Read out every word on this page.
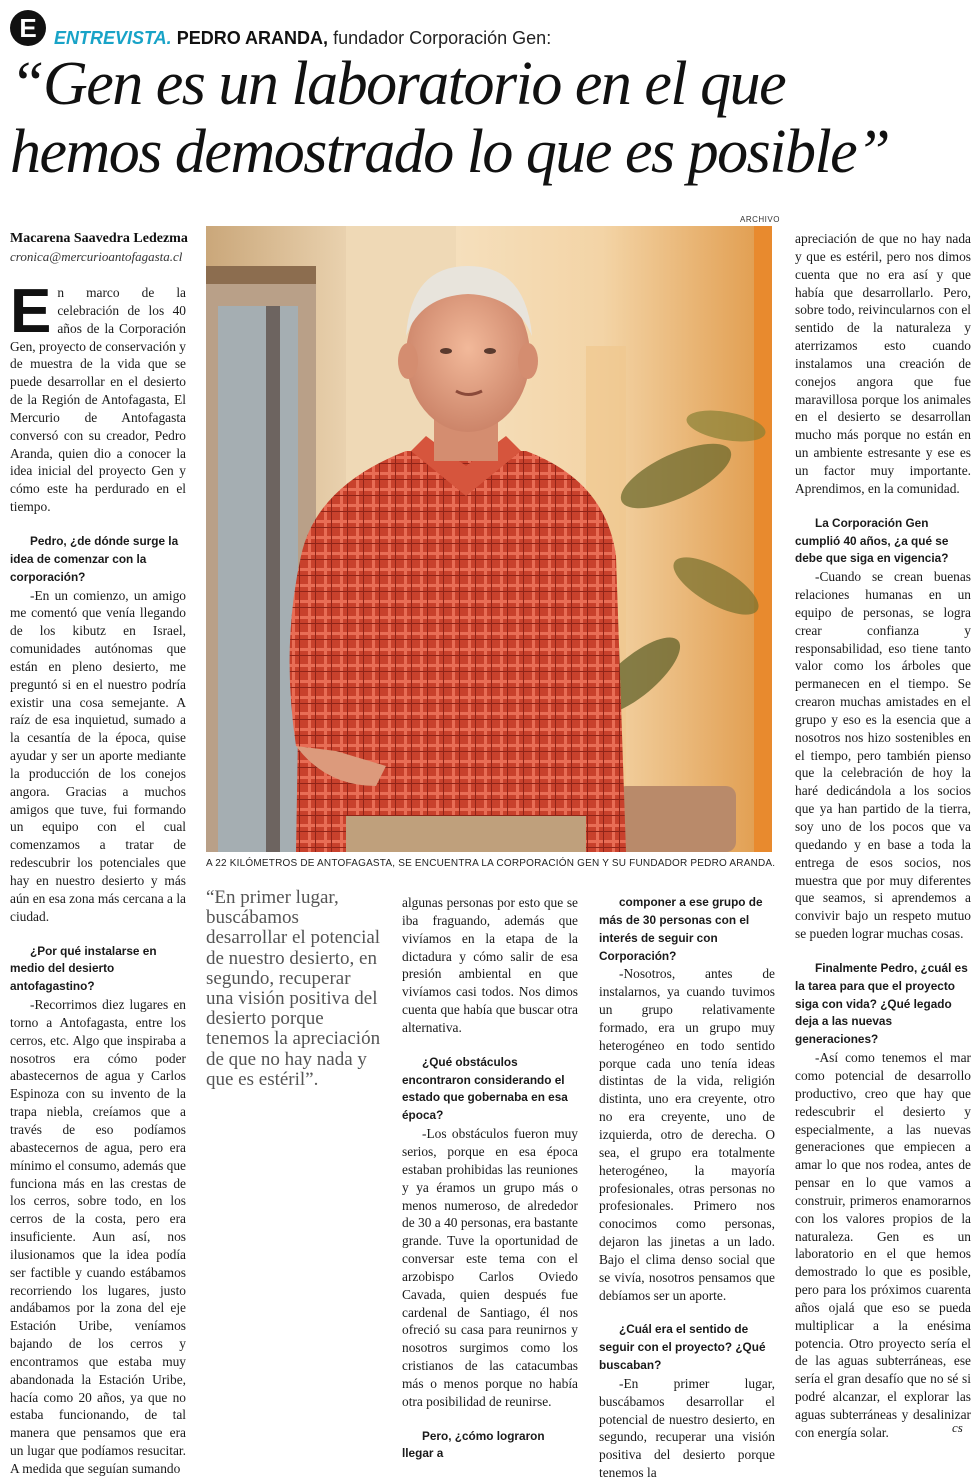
E ENTREVISTA. PEDRO ARANDA, fundador Corporación Gen:
“Gen es un laboratorio en el que
hemos demostrado lo que es posible”
Macarena Saavedra Ledezma
cronica@mercurioantofagasta.cl
ARCHIVO
A 22 KILÓMETROS DE ANTOFAGASTA, SE ENCUENTRA LA CORPORACIÓN GEN Y SU FUNDADOR PEDRO ARANDA.

En marco de la celebración de los 40 años de la Corporación Gen, proyecto de conservación y de muestra de la vida que se puede desarrollar en el desierto de la Región de Antofagasta, El Mercurio de Antofagasta conversó con su creador, Pedro Aranda, quien dio a conocer la idea inicial del proyecto Gen y cómo este ha perdurado en el tiempo.

Pedro, ¿de dónde surge la idea de comenzar con la corporación?

-En un comienzo, un amigo me comentó que venía llegando de los kibutz en Israel, comunidades autónomas que están en pleno desierto, me preguntó si en el nuestro podría existir una cosa semejante. A raíz de esa inquietud, sumado a la cesantía de la época, quise ayudar y ser un aporte mediante la producción de los conejos angora. Gracias a muchos amigos que tuve, fui formando un equipo con el cual comenzamos a tratar de redescubrir los potenciales que hay en nuestro desierto y más aún en esa zona más cercana a la ciudad.

¿Por qué instalarse en medio del desierto antofagastino?

-Recorrimos diez lugares en torno a Antofagasta, entre los cerros, etc. Algo que inspiraba a nosotros era cómo poder abastecernos de agua y Carlos Espinoza con su invento de la trapa niebla, creíamos que a través de eso podíamos abastecernos de agua, pero era mínimo el consumo, además que funciona más en las crestas de los cerros, sobre todo, en los cerros de la costa, pero era insuficiente. Aun así, nos ilusionamos que la idea podía ser factible y cuando estábamos recorriendo los lugares, justo andábamos por la zona del eje Estación Uribe, veníamos bajando de los cerros y encontramos que estaba muy abandonada la Estación Uribe, hacía como 20 años, ya que no estaba funcionando, de tal manera que pensamos que era un lugar que podíamos resucitar. A medida que seguían sumando

“En primer lugar, buscábamos desarrollar el potencial de nuestro desierto, en segundo, recuperar una visión positiva del desierto porque tenemos la apreciación de que no hay nada y que es estéril”.

algunas personas por esto que se iba fraguando, además que vivíamos en la etapa de la dictadura y cómo salir de esa presión ambiental en que vivíamos casi todos. Nos dimos cuenta que había que buscar otra alternativa.

¿Qué obstáculos encontraron considerando el estado que gobernaba en esa época?

-Los obstáculos fueron muy serios, porque en esa época estaban prohibidas las reuniones y ya éramos un grupo más o menos numeroso, de alrededor de 30 a 40 personas, era bastante grande. Tuve la oportunidad de conversar este tema con el arzobispo Carlos Oviedo Cavada, quien después fue cardenal de Santiago, él nos ofreció su casa para reunirnos y nosotros surgimos como los cristianos de las catacumbas más o menos porque no había otra posibilidad de reunirse.

Pero, ¿cómo lograron llegar a

componer a ese grupo de más de 30 personas con el interés de seguir con Corporación?

-Nosotros, antes de instalarnos, ya cuando tuvimos un grupo relativamente formado, era un grupo muy heterogéneo en todo sentido porque cada uno tenía ideas distintas de la vida, religión distinta, uno era creyente, otro no era creyente, uno de izquierda, otro de derecha. O sea, el grupo era totalmente heterogéneo, la mayoría profesionales, otras personas no profesionales. Primero nos conocimos como personas, dejaron las jinetas a un lado. Bajo el clima denso social que se vivía, nosotros pensamos que debíamos ser un aporte.

¿Cuál era el sentido de seguir con el proyecto? ¿Qué buscaban?

-En primer lugar, buscábamos desarrollar el potencial de nuestro desierto, en segundo, recuperar una visión positiva del desierto porque tenemos la

apreciación de que no hay nada y que es estéril, pero nos dimos cuenta que no era así y que había que desarrollarlo. Pero, sobre todo, reivincularnos con el sentido de la naturaleza y aterrizamos esto cuando instalamos una creación de conejos angora que fue maravillosa porque los animales en el desierto se desarrollan mucho más porque no están en un ambiente estresante y ese es un factor muy importante. Aprendimos, en la comunidad.

La Corporación Gen cumplió 40 años, ¿a qué se debe que siga en vigencia?

-Cuando se crean buenas relaciones humanas en un equipo de personas, se logra crear confianza y responsabilidad, eso tiene tanto valor como los árboles que permanecen en el tiempo. Se crearon muchas amistades en el grupo y eso es la esencia que a nosotros nos hizo sostenibles en el tiempo, pero también pienso que la celebración de hoy la haré dedicándola a los socios que ya han partido de la tierra, soy uno de los pocos que va quedando y en base a toda la entrega de esos socios, nos muestra que por muy diferentes que seamos, si aprendemos a convivir bajo un respeto mutuo se pueden lograr muchas cosas.

Finalmente Pedro, ¿cuál es la tarea para que el proyecto siga con vida? ¿Qué legado deja a las nuevas generaciones?

-Así como tenemos el mar como potencial de desarrollo productivo, creo que hay que redescubrir el desierto y especialmente, a las nuevas generaciones que empiecen a amar lo que nos rodea, antes de pensar en lo que vamos a construir, primeros enamorarnos con los valores propios de la naturaleza. Gen es un laboratorio en el que hemos demostrado lo que es posible, pero para los próximos cuarenta años ojalá que eso se pueda multiplicar a la enésima potencia. Otro proyecto sería el de las aguas subterráneas, ese sería el gran desafío que no sé si podré alcanzar, el explorar las aguas subterráneas y desalinizar con energía solar.	cs
